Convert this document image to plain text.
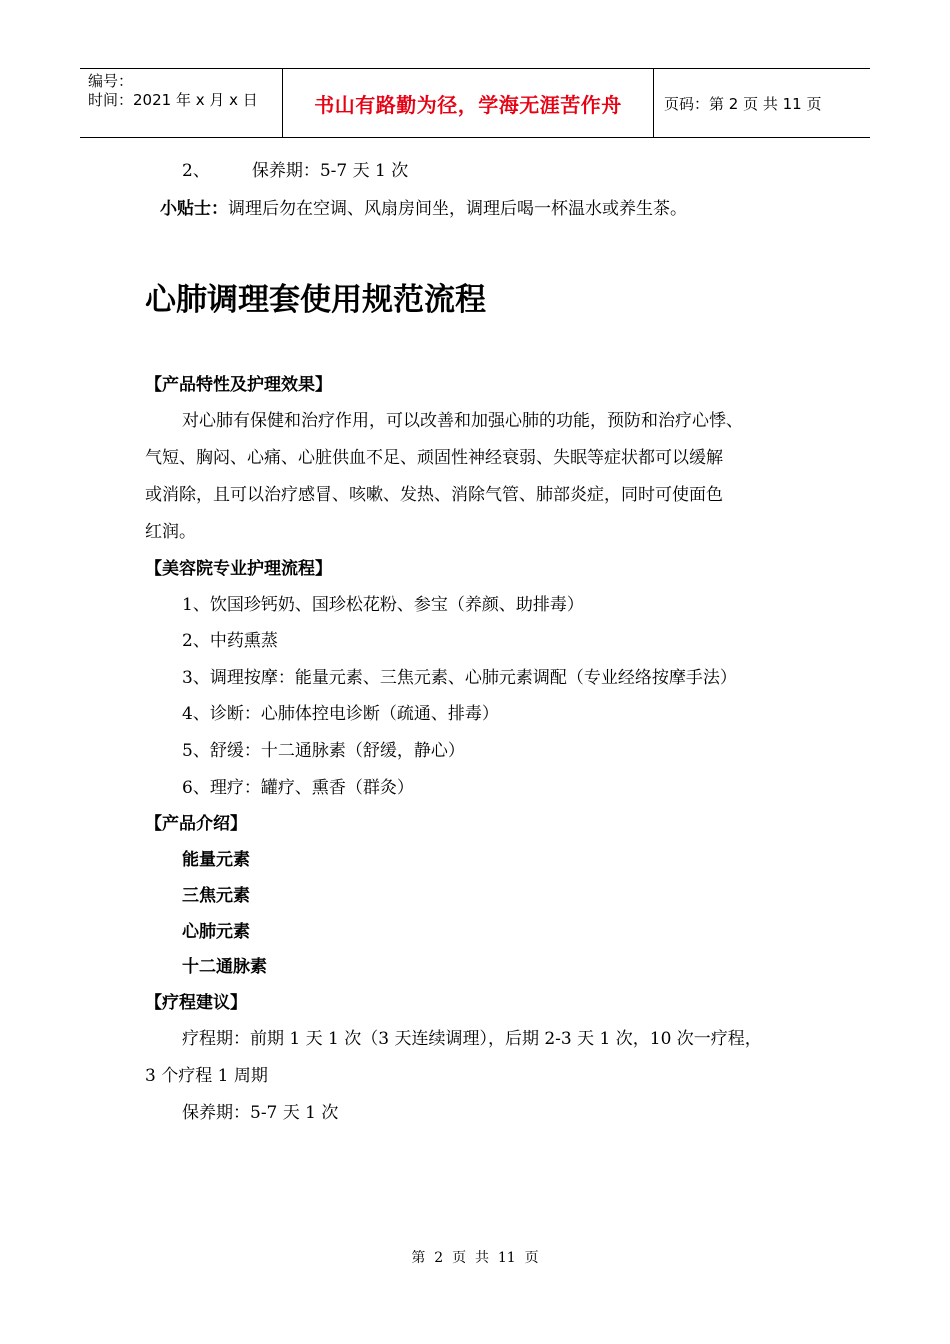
编号：
时间：2021 年 x 月 x 日	书山有路勤为径，学海无涯苦作舟	页码：第 2 页 共 11 页
2、 保养期：5-7 天 1 次
小贴士：调理后勿在空调、风扇房间坐，调理后喝一杯温水或养生茶。
心肺调理套使用规范流程
【产品特性及护理效果】
对心肺有保健和治疗作用，可以改善和加强心肺的功能，预防和治疗心悸、
气短、胸闷、心痛、心脏供血不足、顽固性神经衰弱、失眠等症状都可以缓解
或消除，且可以治疗感冒、咳嗽、发热、消除气管、肺部炎症，同时可使面色
红润。
【美容院专业护理流程】
1、饮国珍钙奶、国珍松花粉、参宝（养颜、助排毒）
2、中药熏蒸
3、调理按摩：能量元素、三焦元素、心肺元素调配（专业经络按摩手法）
4、诊断：心肺体控电诊断（疏通、排毒）
5、舒缓：十二通脉素（舒缓，静心）
6、理疗：罐疗、熏香（群灸）
【产品介绍】
能量元素
三焦元素
心肺元素
十二通脉素
【疗程建议】
疗程期：前期 1 天 1 次（3 天连续调理），后期 2-3 天 1 次，10 次一疗程，
3 个疗程 1 周期
保养期：5-7 天 1 次
第  2  页  共  11  页
